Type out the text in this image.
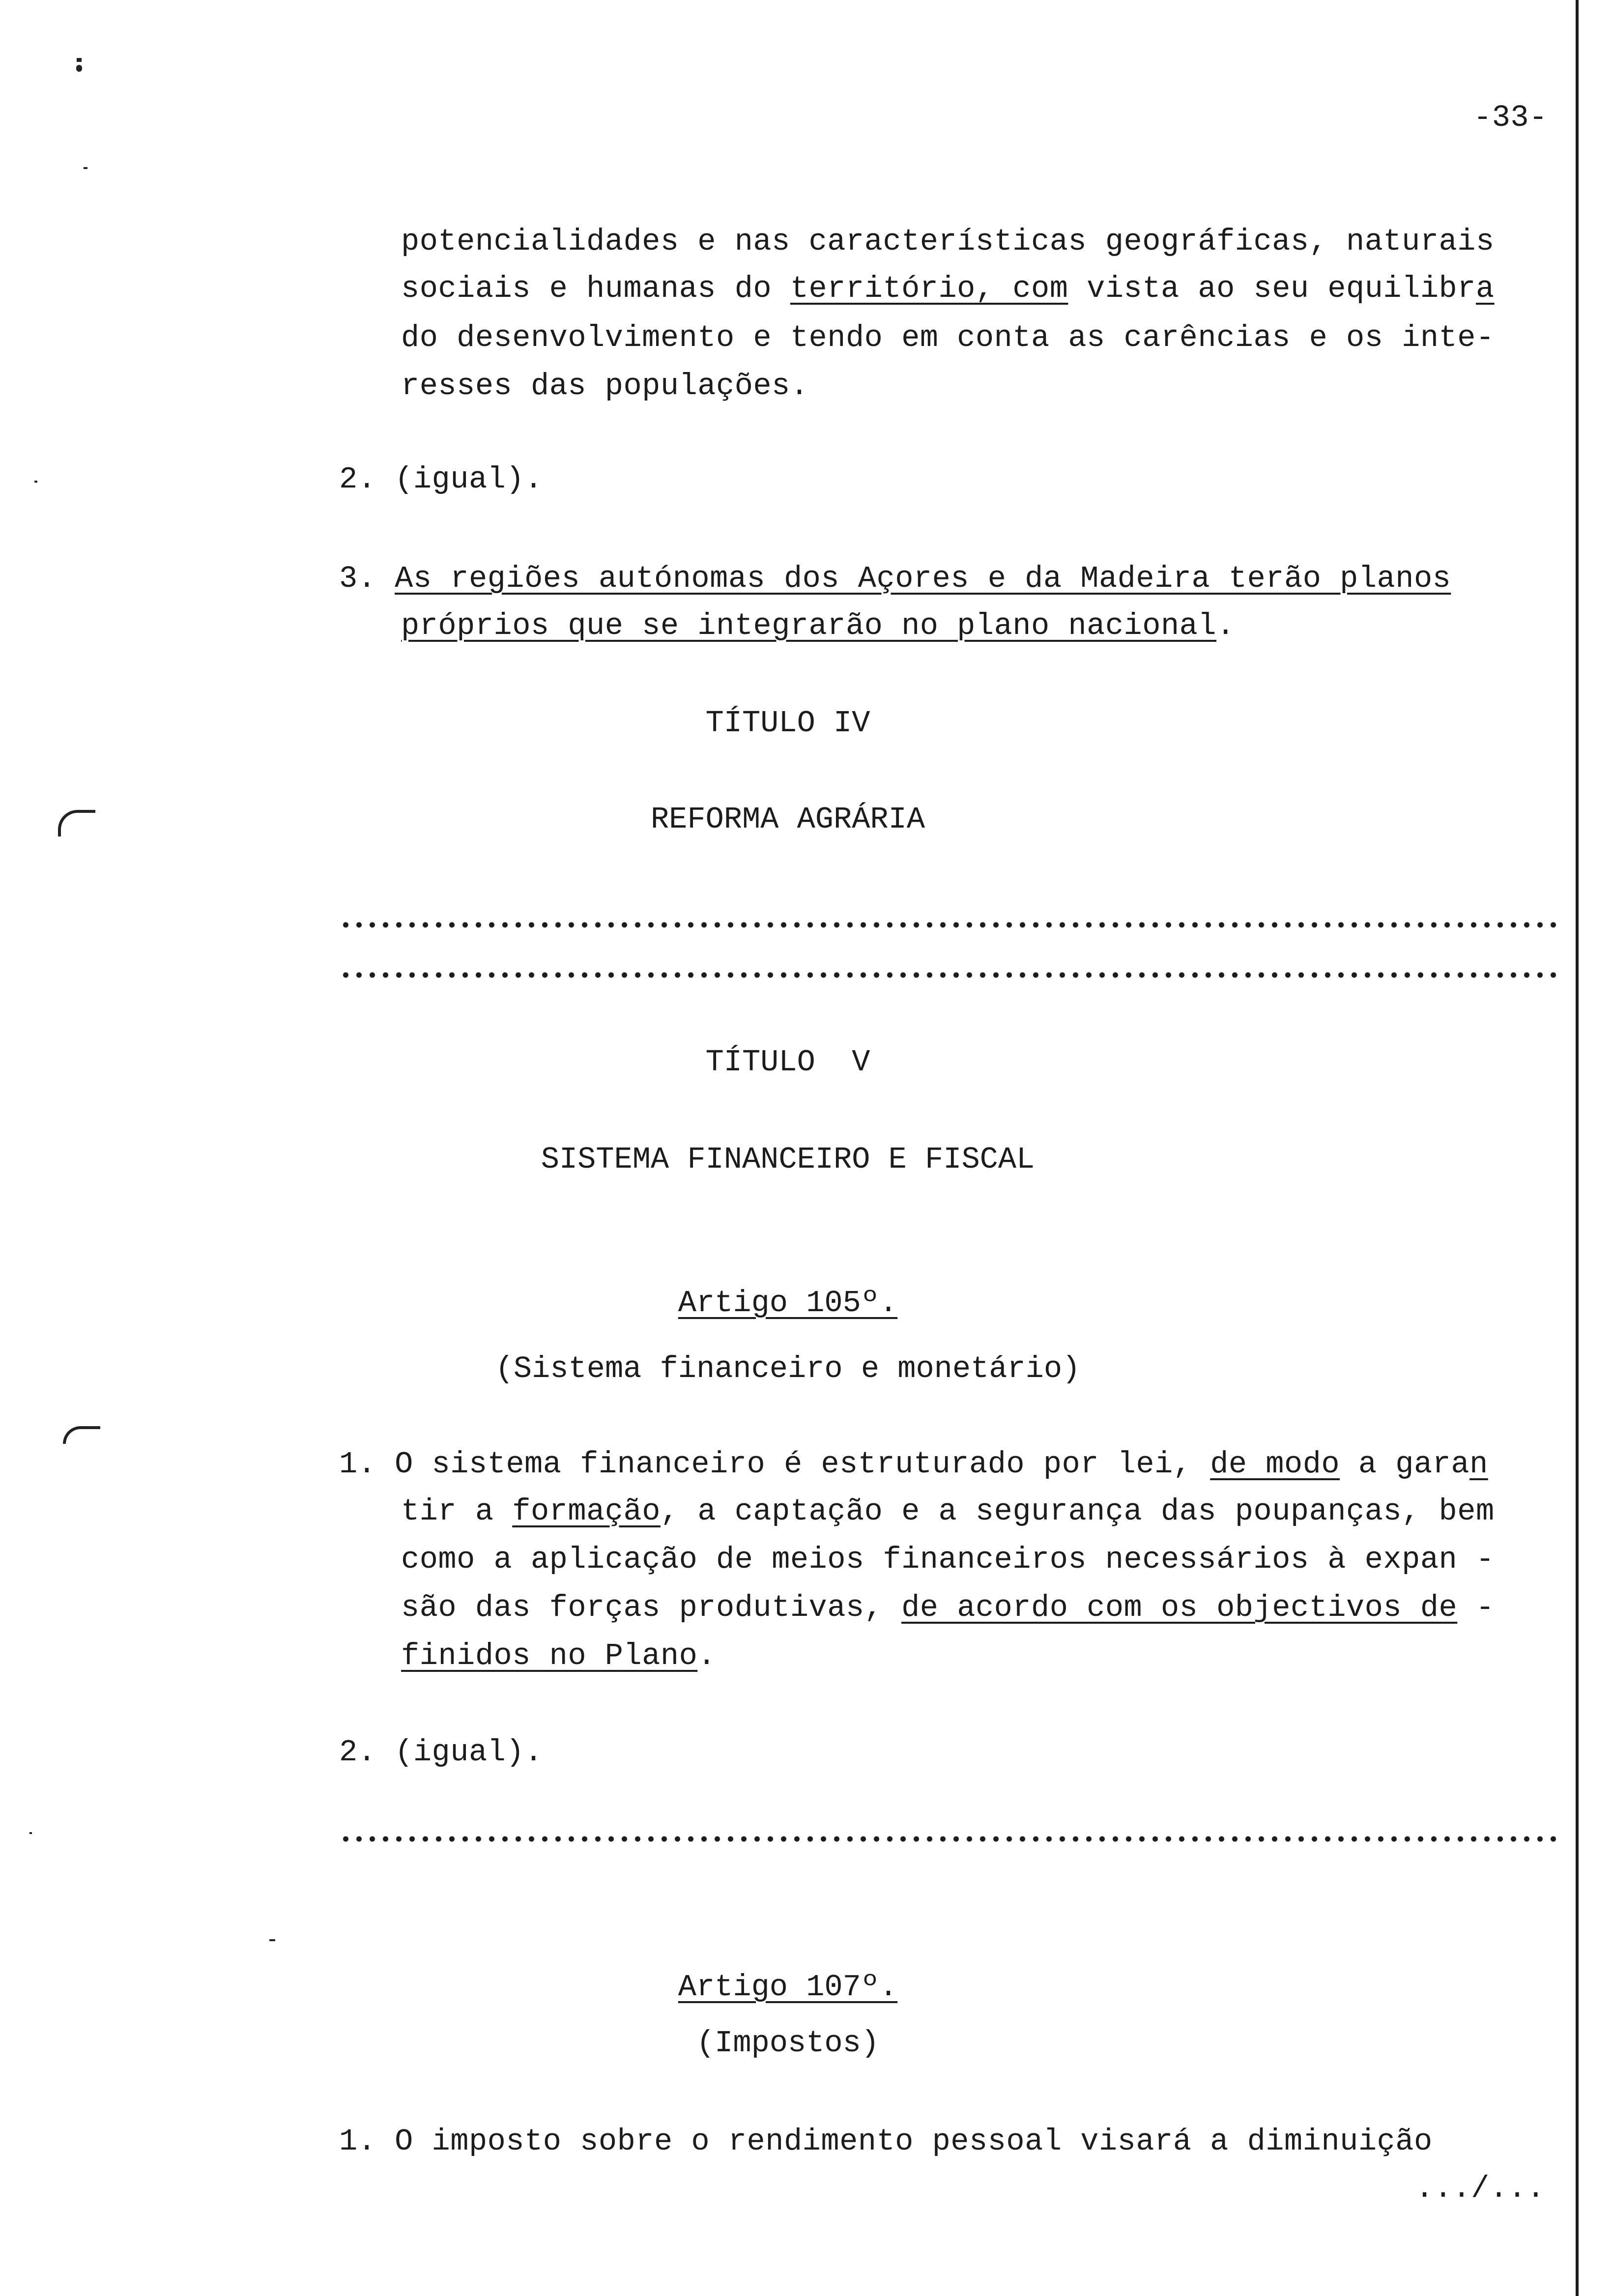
-33-
potencialidades e nas características geográficas, naturais
sociais e humanas do território, com vista ao seu equilibra
do desenvolvimento e tendo em conta as carências e os inte-
resses das populações.
2. (igual).
3. As regiões autónomas dos Açores e da Madeira terão planos
próprios que se integrarão no plano nacional.
TÍTULO IV
REFORMA AGRÁRIA
TÍTULO  V
SISTEMA FINANCEIRO E FISCAL
Artigo 105º.
(Sistema financeiro e monetário)
1. O sistema financeiro é estruturado por lei, de modo a garan
tir a formação, a captação e a segurança das poupanças, bem
como a aplicação de meios financeiros necessários à expan -
são das forças produtivas, de acordo com os objectivos de -
finidos no Plano.
2. (igual).
Artigo 107º.
(Impostos)
1. O imposto sobre o rendimento pessoal visará a diminuição
.../...
